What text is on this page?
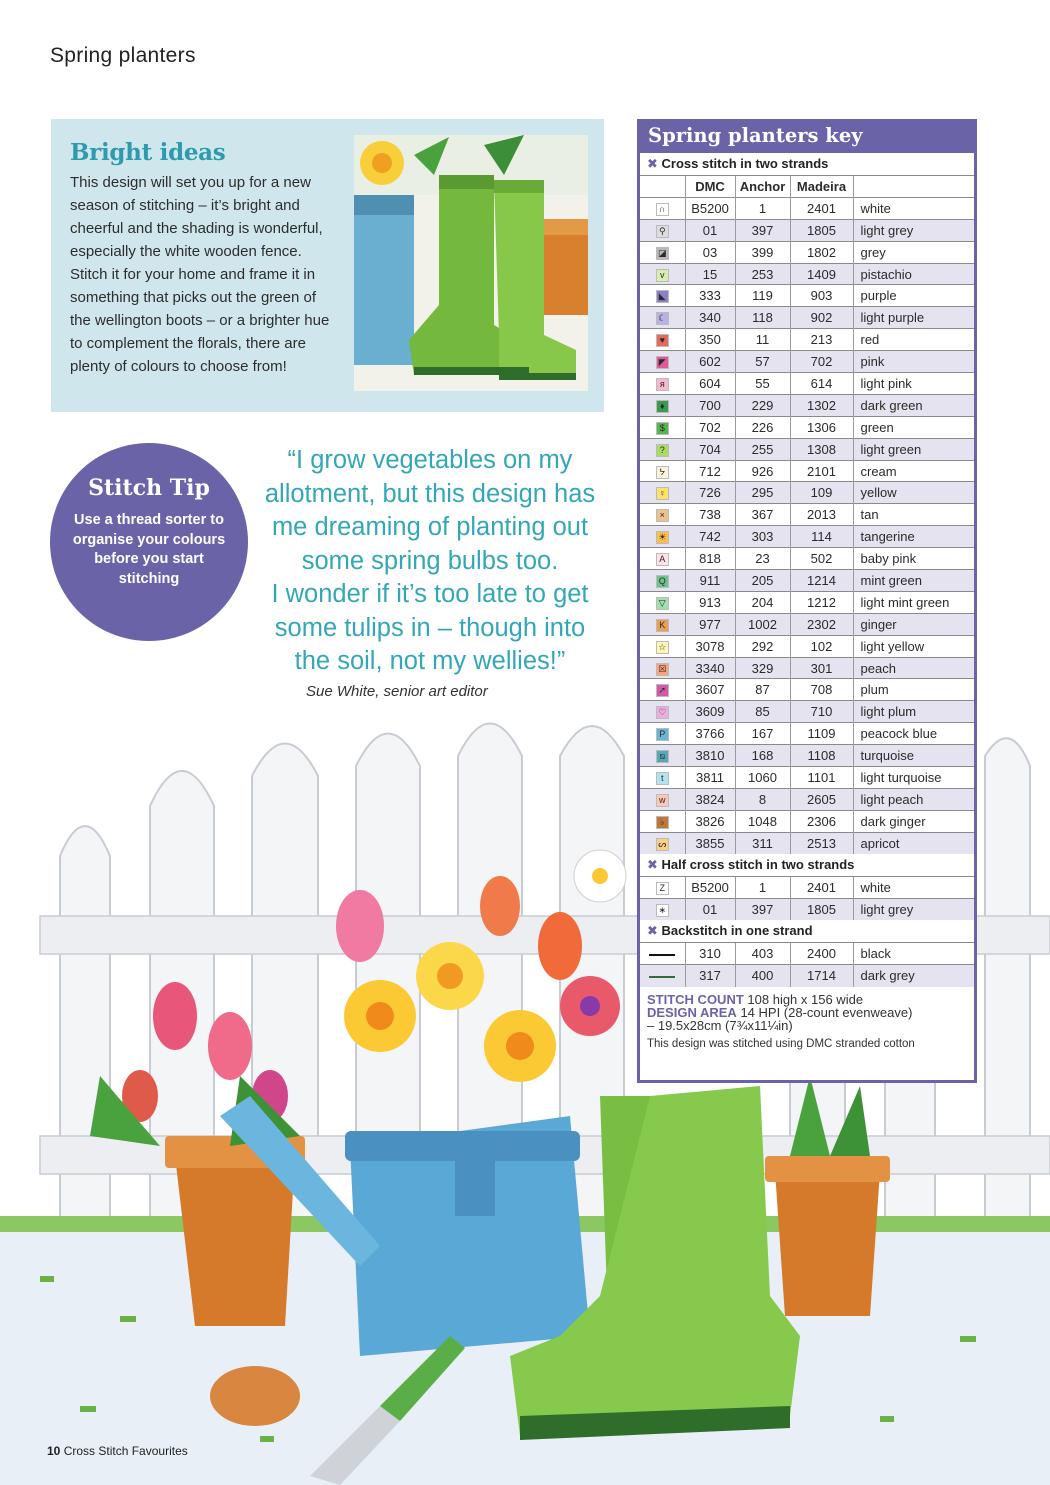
Spring planters
Bright ideas
This design will set you up for a new season of stitching – it’s bright and cheerful and the shading is wonderful, especially the white wooden fence. Stitch it for your home and frame it in something that picks out the green of the wellington boots – or a brighter hue to complement the florals, there are plenty of colours to choose from!
Stitch Tip
Use a thread sorter to organise your colours before you start stitching
“I grow vegetables on my
allotment, but this design has
me dreaming of planting out
some spring bulbs too.
I wonder if it’s too late to get
some tulips in – though into
the soil, not my wellies!”
Sue White, senior art editor
Spring planters key
✖ Cross stitch in two strands
	DMC	Anchor	Madeira	
∩	B5200	1	2401	white
⚲	01	397	1805	light grey
◪	03	399	1802	grey
v	15	253	1409	pistachio
◣	333	119	903	purple
☾	340	118	902	light purple
♥	350	11	213	red
◤	602	57	702	pink
я	604	55	614	light pink
♦	700	229	1302	dark green
$	702	226	1306	green
?	704	255	1308	light green
ᔭ	712	926	2101	cream
♀	726	295	109	yellow
×	738	367	2013	tan
☀	742	303	114	tangerine
A	818	23	502	baby pink
Q	911	205	1214	mint green
▽	913	204	1212	light mint green
K	977	1002	2302	ginger
☆	3078	292	102	light yellow
☒	3340	329	301	peach
➚	3607	87	708	plum
♡	3609	85	710	light plum
P	3766	167	1109	peacock blue
⧅	3810	168	1108	turquoise
t	3811	1060	1101	light turquoise
w	3824	8	2605	light peach
♭	3826	1048	2306	dark ginger
ᔕ	3855	311	2513	apricot
✖ Half cross stitch in two strands
Z	B5200	1	2401	white
∗	01	397	1805	light grey
✖ Backstitch in one strand
	310	403	2400	black
	317	400	1714	dark grey
STITCH COUNT 108 high x 156 wide
DESIGN AREA 14 HPI (28-count evenweave)
– 19.5x28cm (7¾x11¼in)
This design was stitched using DMC stranded cotton
10 Cross Stitch Favourites
